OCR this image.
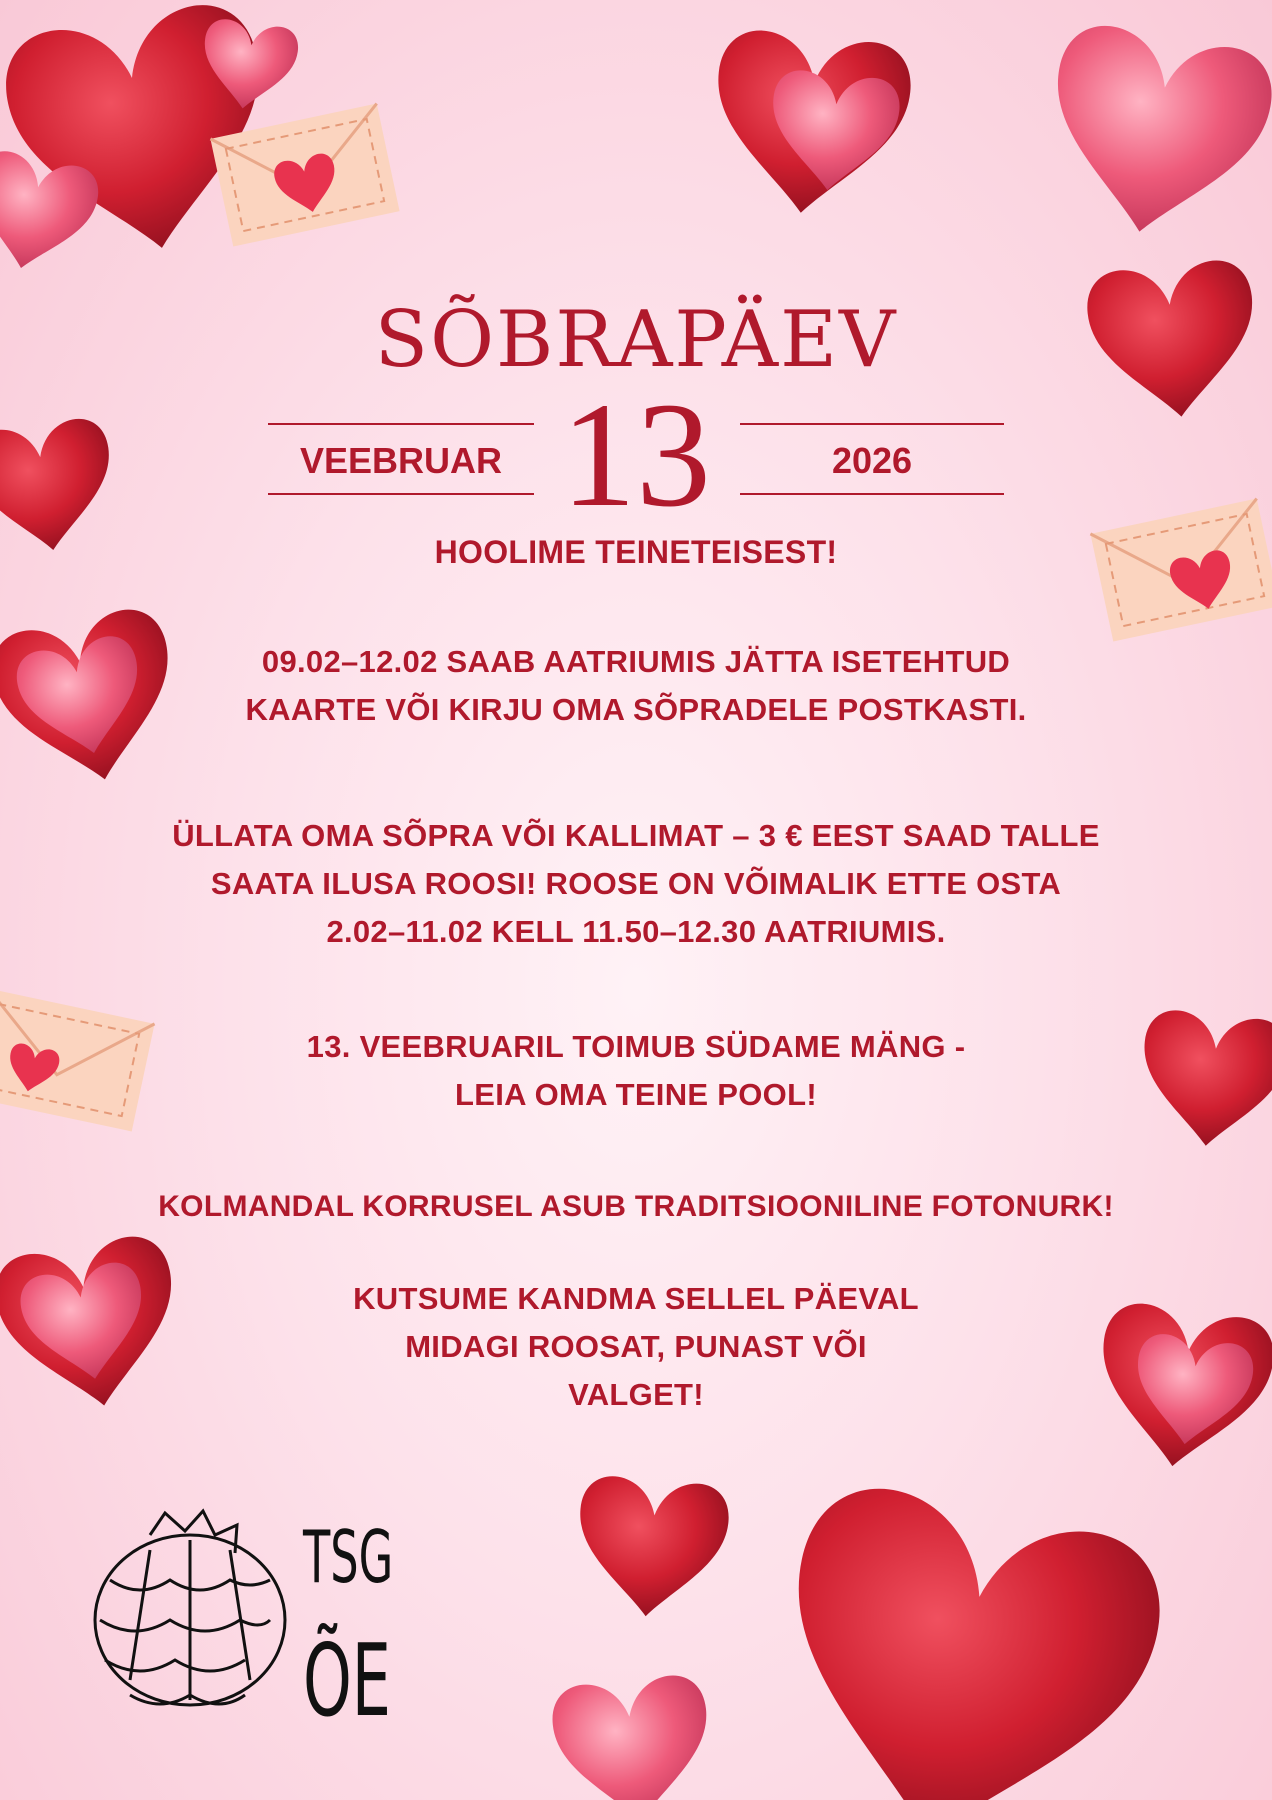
SÕBRAPÄEV
VEEBRUAR 13	2026

HOOLIME TEINETEISEST!

09.02–12.02 SAAB AATRIUMIS JÄTTA ISETEHTUD
KAARTE VÕI KIRJU OMA SÕPRADELE POSTKASTI.

ÜLLATA OMA SÕPRA VÕI KALLIMAT – 3 € EEST SAAD TALLE
SAATA ILUSA ROOSI! ROOSE ON VÕIMALIK ETTE OSTA
2.02–11.02 KELL 11.50–12.30 AATRIUMIS.

13. VEEBRUARIL TOIMUB SÜDAME MÄNG -
LEIA OMA TEINE POOL!

KOLMANDAL KORRUSEL ASUB TRADITSIOONILINE FOTONURK!

KUTSUME KANDMA SELLEL PÄEVAL
MIDAGI ROOSAT, PUNAST VÕI
VALGET!

TSG
ÕE
